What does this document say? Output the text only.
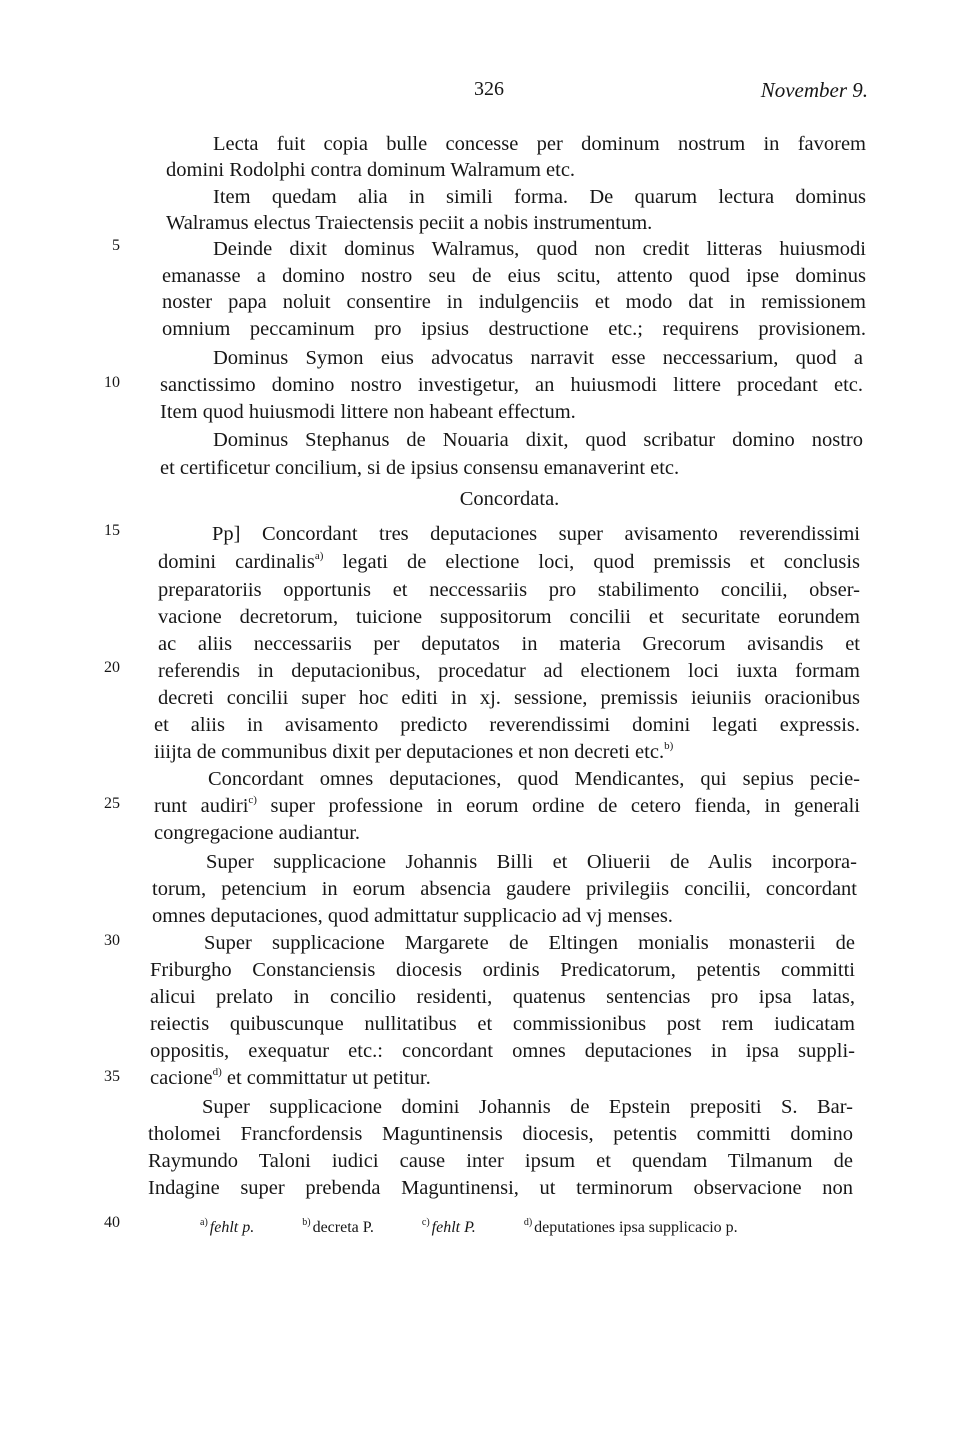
326	November 9.
5
10
15
20
25
30
35
40
Lecta fuit copia bulle concesse per dominum nostrum in favorem
domini Rodolphi contra dominum Walramum etc.
Item quedam alia in simili forma. De quarum lectura dominus
Walramus electus Traiectensis peciit a nobis instrumentum.
Deinde dixit dominus Walramus, quod non credit litteras huiusmodi
emanasse a domino nostro seu de eius scitu, attento quod ipse dominus
noster papa noluit consentire in indulgenciis et modo dat in remissionem
omnium peccaminum pro ipsius destructione etc.; requirens provisionem.
Dominus Symon eius advocatus narravit esse neccessarium, quod a
sanctissimo domino nostro investigetur, an huiusmodi littere procedant etc.
Item quod huiusmodi littere non habeant effectum.
Dominus Stephanus de Nouaria dixit, quod scribatur domino nostro
et certificetur concilium, si de ipsius consensu emanaverint etc.
Concordata.
Pp] Concordant tres deputaciones super avisamento reverendissimi
domini cardinalis$^{a)}$ legati de electione loci, quod premissis et conclusis
preparatoriis opportunis et neccessariis pro stabilimento concilii, obser-
vacione decretorum, tuicione suppositorum concilii et securitate eorundem
ac aliis neccessariis per deputatos in materia Grecorum avisandis et
referendis in deputacionibus, procedatur ad electionem loci iuxta formam
decreti concilii super hoc editi in xj. sessione, premissis ieiuniis oracionibus
et aliis in avisamento predicto reverendissimi domini legati expressis.
iiijta de communibus dixit per deputaciones et non decreti etc.$^{b)}$
Concordant omnes deputaciones, quod Mendicantes, qui sepius pecie-
runt audiri$^{c)}$ super professione in eorum ordine de cetero fienda, in generali
congregacione audiantur.
Super supplicacione Johannis Billi et Oliuerii de Aulis incorpora-
torum, petencium in eorum absencia gaudere privilegiis concilii, concordant
omnes deputaciones, quod admittatur supplicacio ad vj menses.
Super supplicacione Margarete de Eltingen monialis monasterii de
Friburgho Constanciensis diocesis ordinis Predicatorum, petentis committi
alicui prelato in concilio residenti, quatenus sentencias pro ipsa latas,
reiectis quibuscunque nullitatibus et commissionibus post rem iudicatam
oppositis, exequatur etc.: concordant omnes deputaciones in ipsa suppli-
cacione$^{d)}$ et committatur ut petitur.
Super supplicacione domini Johannis de Epstein prepositi S. Bar-
tholomei Francfordensis Maguntinensis diocesis, petentis committi domino
Raymundo Taloni iudici cause inter ipsum et quendam Tilmanum de
Indagine super prebenda Maguntinensi, ut terminorum observacione non
$^{a)}$ fehlt p.	$^{b)}$ decreta P.	$^{c)}$ fehlt P.	$^{d)}$ deputationes ipsa supplicacio p.
